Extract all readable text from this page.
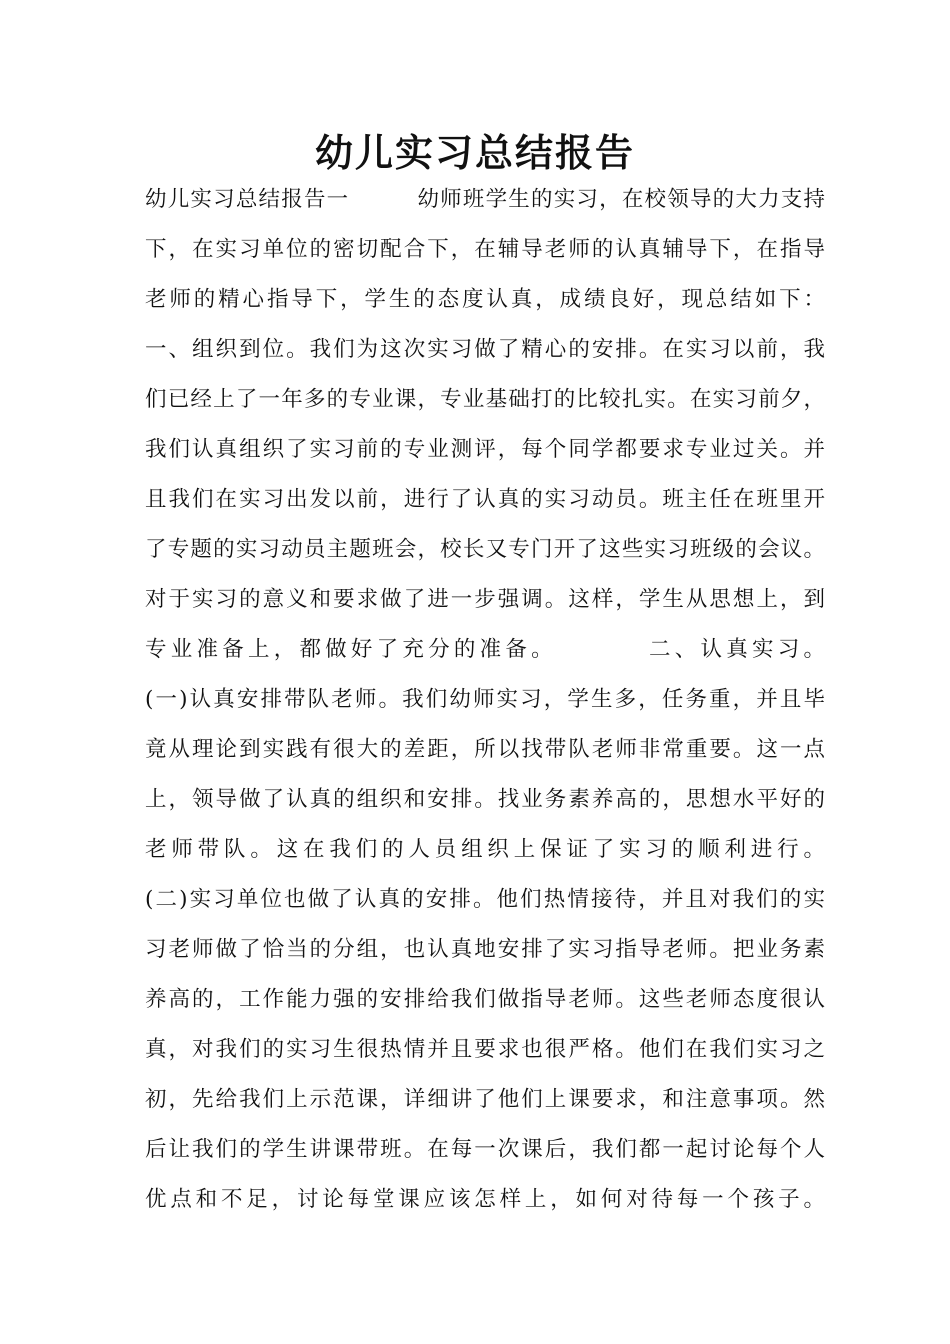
幼儿实习总结报告
幼儿实习总结报告一　　　幼师班学生的实习，在校领导的大力支持
下，在实习单位的密切配合下，在辅导老师的认真辅导下，在指导
老师的精心指导下，学生的态度认真，成绩良好，现总结如下：
一、组织到位。我们为这次实习做了精心的安排。在实习以前，我
们已经上了一年多的专业课，专业基础打的比较扎实。在实习前夕，
我们认真组织了实习前的专业测评，每个同学都要求专业过关。并
且我们在实习出发以前，进行了认真的实习动员。班主任在班里开
了专题的实习动员主题班会，校长又专门开了这些实习班级的会议。
对于实习的意义和要求做了进一步强调。这样，学生从思想上，到
专业准备上，都做好了充分的准备。　　　　二、认真实习。
(一)认真安排带队老师。我们幼师实习，学生多，任务重，并且毕
竟从理论到实践有很大的差距，所以找带队老师非常重要。这一点
上，领导做了认真的组织和安排。找业务素养高的，思想水平好的
老师带队。这在我们的人员组织上保证了实习的顺利进行。
(二)实习单位也做了认真的安排。他们热情接待，并且对我们的实
习老师做了恰当的分组，也认真地安排了实习指导老师。把业务素
养高的，工作能力强的安排给我们做指导老师。这些老师态度很认
真，对我们的实习生很热情并且要求也很严格。他们在我们实习之
初，先给我们上示范课，详细讲了他们上课要求，和注意事项。然
后让我们的学生讲课带班。在每一次课后，我们都一起讨论每个人
优点和不足，讨论每堂课应该怎样上，如何对待每一个孩子。
